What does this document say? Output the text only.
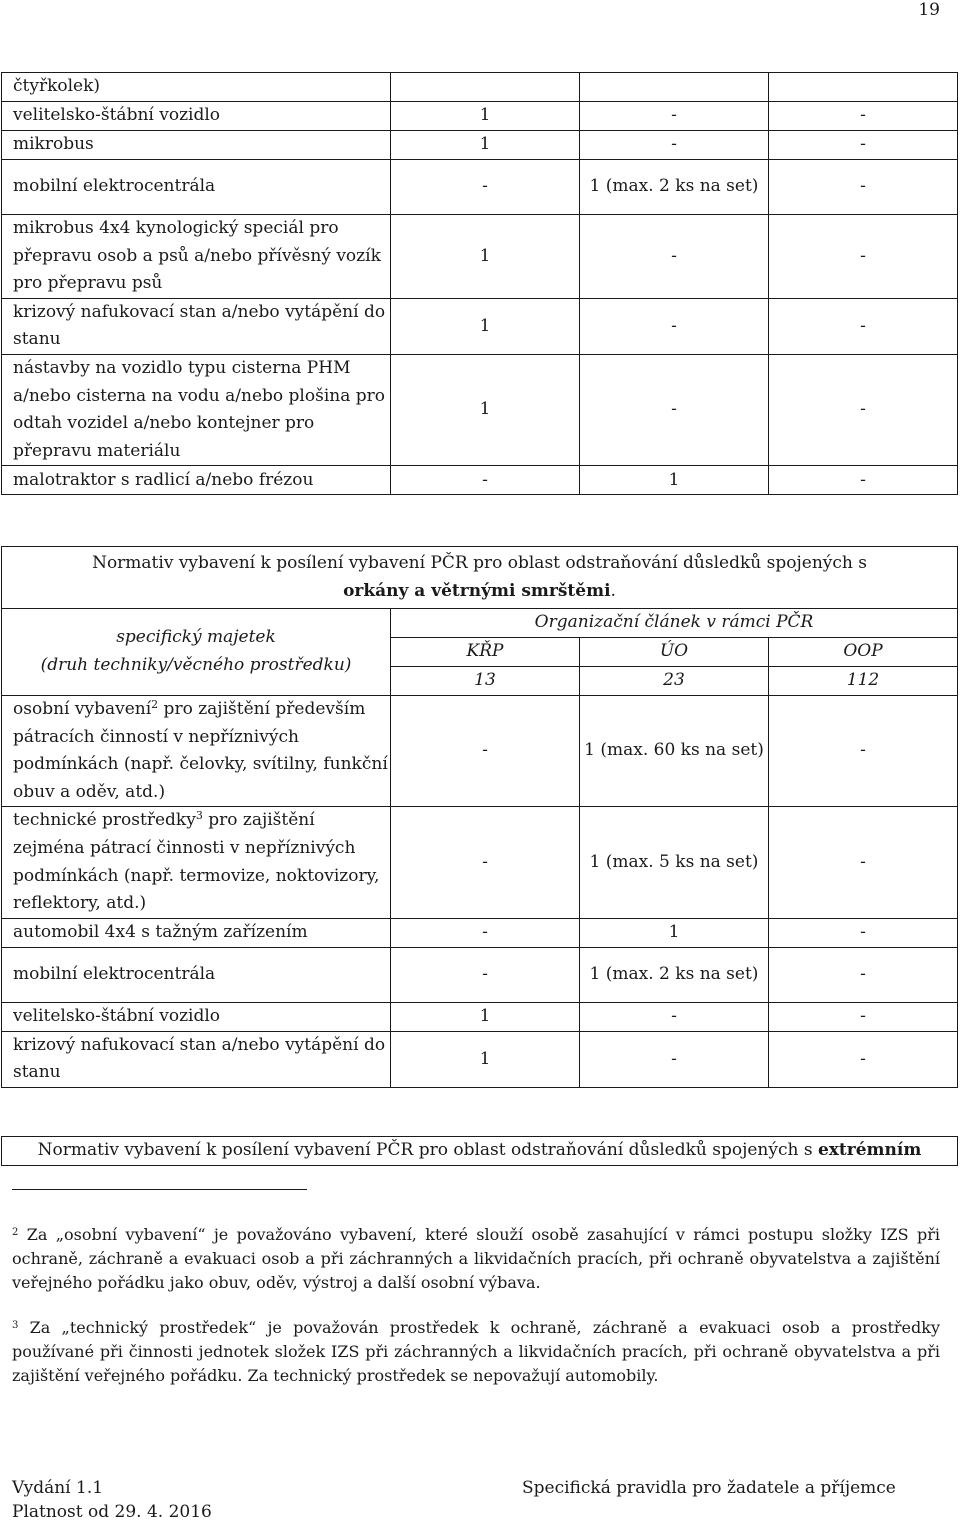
19
čtyřkolek)			
velitelsko-štábní vozidlo	1	-	-
mikrobus	1	-	-
mobilní elektrocentrála	-	1 (max. 2 ks na set)	-
mikrobus 4x4 kynologický speciál pro přepravu osob a psů a/nebo přívěsný vozík pro přepravu psů	1	-	-
krizový nafukovací stan a/nebo vytápění do stanu	1	-	-
nástavby na vozidlo typu cisterna PHM a/nebo cisterna na vodu a/nebo plošina pro odtah vozidel a/nebo kontejner pro přepravu materiálu	1	-	-
malotraktor s radlicí a/nebo frézou	-	1	-
Normativ vybavení k posílení vybavení PČR pro oblast odstraňování důsledků spojených s
orkány a větrnými smrštěmi.			
specifický majetek
(druh techniky/věcného prostředku)	Organizační článek v rámci PČR		
	KŘP	ÚO	OOP
	13	23	112
osobní vybavení$^2$ pro zajištění především pátracích činností v nepříznivých podmínkách (např. čelovky, svítilny, funkční obuv a oděv, atd.)	-	1 (max. 60 ks na set)	-
technické prostředky$^3$ pro zajištění zejména pátrací činnosti v nepříznivých podmínkách (např. termovize, noktovizory, reflektory, atd.)	-	1 (max. 5 ks na set)	-
automobil 4x4 s tažným zařízením	-	1	-
mobilní elektrocentrála	-	1 (max. 2 ks na set)	-
velitelsko-štábní vozidlo	1	-	-
krizový nafukovací stan a/nebo vytápění do stanu	1	-	-
Normativ vybavení k posílení vybavení PČR pro oblast odstraňování důsledků spojených s extrémním

$^2$ Za „osobní vybavení“ je považováno vybavení, které slouží osobě zasahující v rámci postupu složky IZS při ochraně, záchraně a evakuaci osob a při záchranných a likvidačních pracích, při ochraně obyvatelstva a zajištění veřejného pořádku jako obuv, oděv, výstroj a další osobní výbava.

$^3$ Za „technický prostředek“ je považován prostředek k ochraně, záchraně a evakuaci osob a prostředky používané při činnosti jednotek složek IZS při záchranných a likvidačních pracích, při ochraně obyvatelstva a při zajištění veřejného pořádku. Za technický prostředek se nepovažují automobily.

Vydání 1.1
Platnost od 29. 4. 2016
Specifická pravidla pro žadatele a příjemce
